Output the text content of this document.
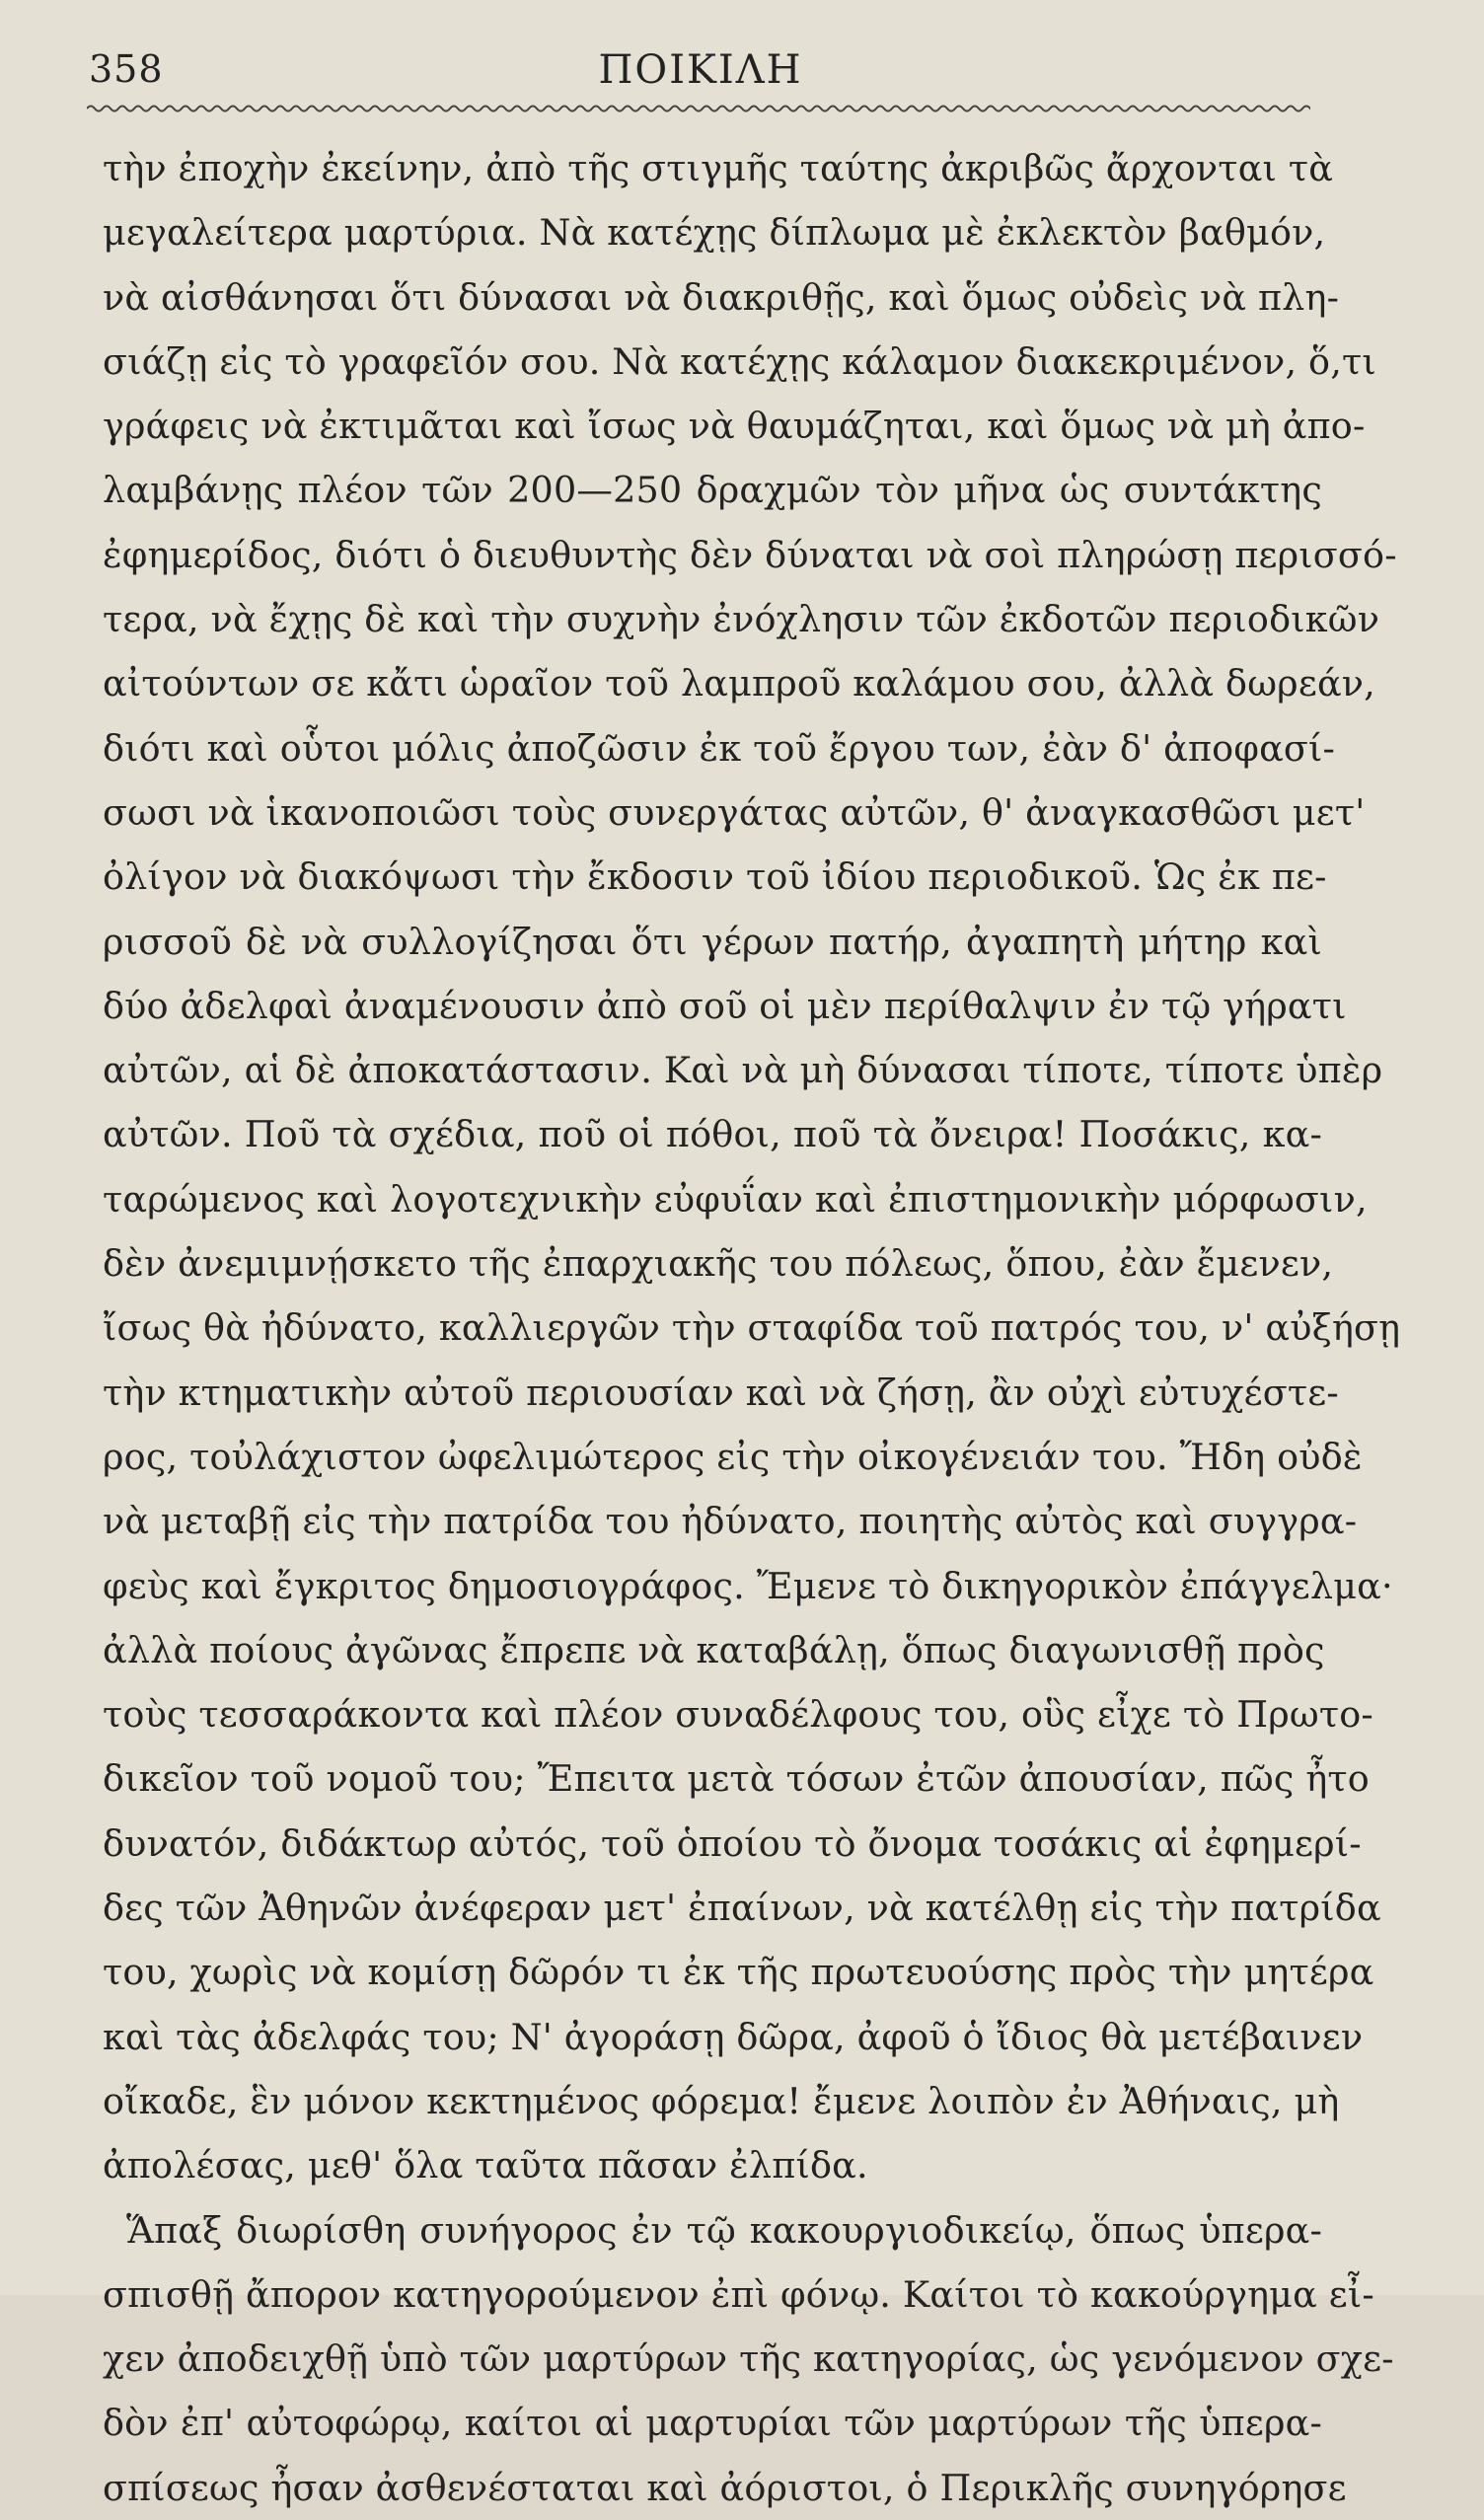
358	ΠΟΙΚΙΛΗ
τὴν ἐποχὴν ἐκείνην, ἀπὸ τῆς στιγμῆς ταύτης ἀκριβῶς ἄρχονται τὰ
μεγαλείτερα μαρτύρια. Νὰ κατέχῃς δίπλωμα μὲ ἐκλεκτὸν βαθμόν,
νὰ αἰσθάνησαι ὅτι δύνασαι νὰ διακριθῇς, καὶ ὅμως οὐδεὶς νὰ πλη-
σιάζῃ εἰς τὸ γραφεῖόν σου. Νὰ κατέχῃς κάλαμον διακεκριμένον, ὅ,τι
γράφεις νὰ ἐκτιμᾶται καὶ ἴσως νὰ θαυμάζηται, καὶ ὅμως νὰ μὴ ἀπο-
λαμβάνῃς πλέον τῶν 200—250 δραχμῶν τὸν μῆνα ὡς συντάκτης
ἐφημερίδος, διότι ὁ διευθυντὴς δὲν δύναται νὰ σοὶ πληρώσῃ περισσό-
τερα, νὰ ἔχῃς δὲ καὶ τὴν συχνὴν ἐνόχλησιν τῶν ἐκδοτῶν περιοδικῶν
αἰτούντων σε κἄτι ὡραῖον τοῦ λαμπροῦ καλάμου σου, ἀλλὰ δωρεάν,
διότι καὶ οὗτοι μόλις ἀποζῶσιν ἐκ τοῦ ἔργου των, ἐὰν δ' ἀποφασί-
σωσι νὰ ἱκανοποιῶσι τοὺς συνεργάτας αὐτῶν, θ' ἀναγκασθῶσι μετ'
ὀλίγον νὰ διακόψωσι τὴν ἔκδοσιν τοῦ ἰδίου περιοδικοῦ. Ὡς ἐκ πε-
ρισσοῦ δὲ νὰ συλλογίζησαι ὅτι γέρων πατήρ, ἀγαπητὴ μήτηρ καὶ
δύο ἀδελφαὶ ἀναμένουσιν ἀπὸ σοῦ οἱ μὲν περίθαλψιν ἐν τῷ γήρατι
αὐτῶν, αἱ δὲ ἀποκατάστασιν. Καὶ νὰ μὴ δύνασαι τίποτε, τίποτε ὑπὲρ
αὐτῶν. Ποῦ τὰ σχέδια, ποῦ οἱ πόθοι, ποῦ τὰ ὄνειρα! Ποσάκις, κα-
ταρώμενος καὶ λογοτεχνικὴν εὐφυΐαν καὶ ἐπιστημονικὴν μόρφωσιν,
δὲν ἀνεμιμνῄσκετο τῆς ἐπαρχιακῆς του πόλεως, ὅπου, ἐὰν ἔμενεν,
ἴσως θὰ ἠδύνατο, καλλιεργῶν τὴν σταφίδα τοῦ πατρός του, ν' αὐξήσῃ
τὴν κτηματικὴν αὐτοῦ περιουσίαν καὶ νὰ ζήσῃ, ἂν οὐχὶ εὐτυχέστε-
ρος, τοὐλάχιστον ὠφελιμώτερος εἰς τὴν οἰκογένειάν του. Ἤδη οὐδὲ
νὰ μεταβῇ εἰς τὴν πατρίδα του ἠδύνατο, ποιητὴς αὐτὸς καὶ συγγρα-
φεὺς καὶ ἔγκριτος δημοσιογράφος. Ἔμενε τὸ δικηγορικὸν ἐπάγγελμα·
ἀλλὰ ποίους ἀγῶνας ἔπρεπε νὰ καταβάλῃ, ὅπως διαγωνισθῇ πρὸς
τοὺς τεσσαράκοντα καὶ πλέον συναδέλφους του, οὓς εἶχε τὸ Πρωτο-
δικεῖον τοῦ νομοῦ του; Ἔπειτα μετὰ τόσων ἐτῶν ἀπουσίαν, πῶς ἦτο
δυνατόν, διδάκτωρ αὐτός, τοῦ ὁποίου τὸ ὄνομα τοσάκις αἱ ἐφημερί-
δες τῶν Ἀθηνῶν ἀνέφεραν μετ' ἐπαίνων, νὰ κατέλθῃ εἰς τὴν πατρίδα
του, χωρὶς νὰ κομίσῃ δῶρόν τι ἐκ τῆς πρωτευούσης πρὸς τὴν μητέρα
καὶ τὰς ἀδελφάς του; Ν' ἀγοράσῃ δῶρα, ἀφοῦ ὁ ἴδιος θὰ μετέβαινεν
οἴκαδε, ἓν μόνον κεκτημένος φόρεμα! ἔμενε λοιπὸν ἐν Ἀθήναις, μὴ
ἀπολέσας, μεθ' ὅλα ταῦτα πᾶσαν ἐλπίδα.
Ἅπαξ διωρίσθη συνήγορος ἐν τῷ κακουργιοδικείῳ, ὅπως ὑπερα-
σπισθῇ ἄπορον κατηγορούμενον ἐπὶ φόνῳ. Καίτοι τὸ κακούργημα εἶ-
χεν ἀποδειχθῇ ὑπὸ τῶν μαρτύρων τῆς κατηγορίας, ὡς γενόμενον σχε-
δὸν ἐπ' αὐτοφώρῳ, καίτοι αἱ μαρτυρίαι τῶν μαρτύρων τῆς ὑπερα-
σπίσεως ἦσαν ἀσθενέσταται καὶ ἀόριστοι, ὁ Περικλῆς συνηγόρησε
